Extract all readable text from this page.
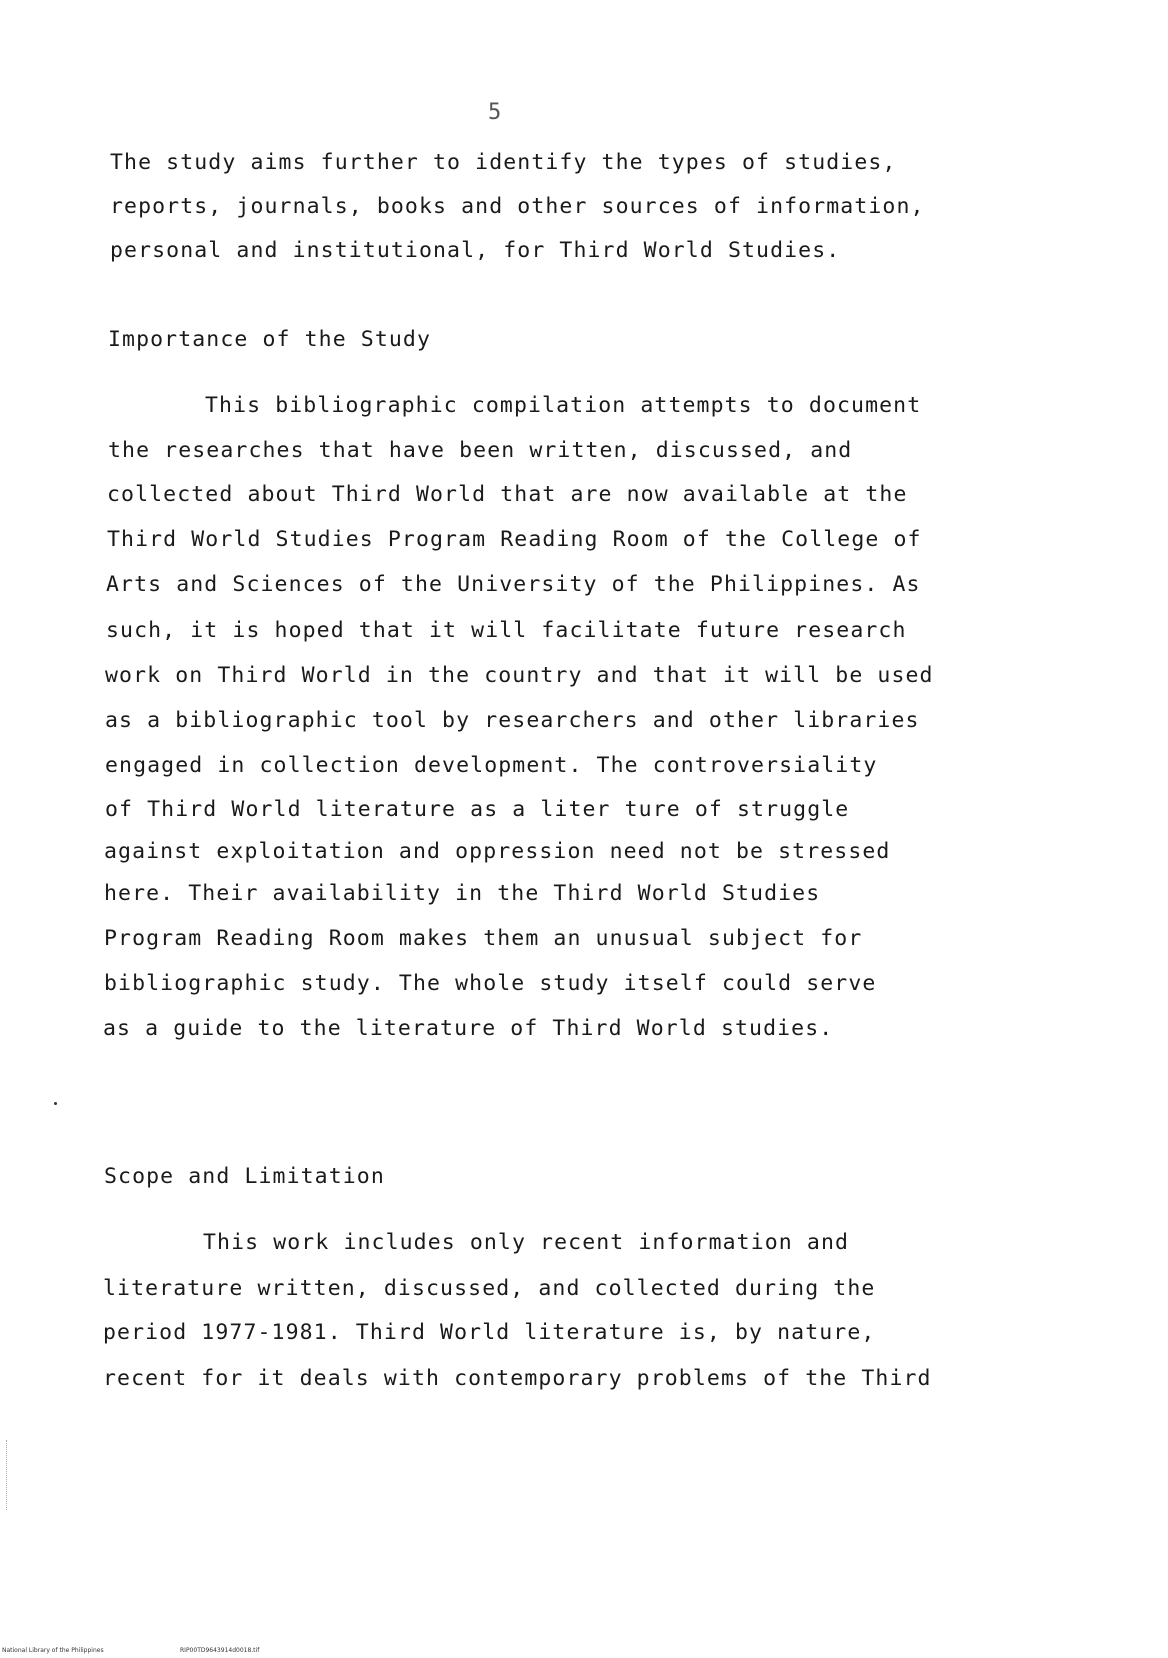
5
The study aims further to identify the types of studies,
reports, journals, books and other sources of information,
personal and institutional, for Third World Studies.
Importance of the Study
This bibliographic compilation attempts to document
the researches that have been written, discussed, and
collected about Third World that are now available at the
Third World Studies Program Reading Room of the College of
Arts and Sciences of the University of the Philippines. As
such, it is hoped that it will facilitate future research
work on Third World in the country and that it will be used
as a bibliographic tool by researchers and other libraries
engaged in collection development. The controversiality
of Third World literature as a liter ture of struggle
against exploitation and oppression need not be stressed
here. Their availability in the Third World Studies
Program Reading Room makes them an unusual subject for
bibliographic study. The whole study itself could serve
as a guide to the literature of Third World studies.
Scope and Limitation
This work includes only recent information and
literature written, discussed, and collected during the
period 1977-1981. Third World literature is, by nature,
recent for it deals with contemporary problems of the Third
National Library of the Philippines	RIP00TD9643914d0018.tif
